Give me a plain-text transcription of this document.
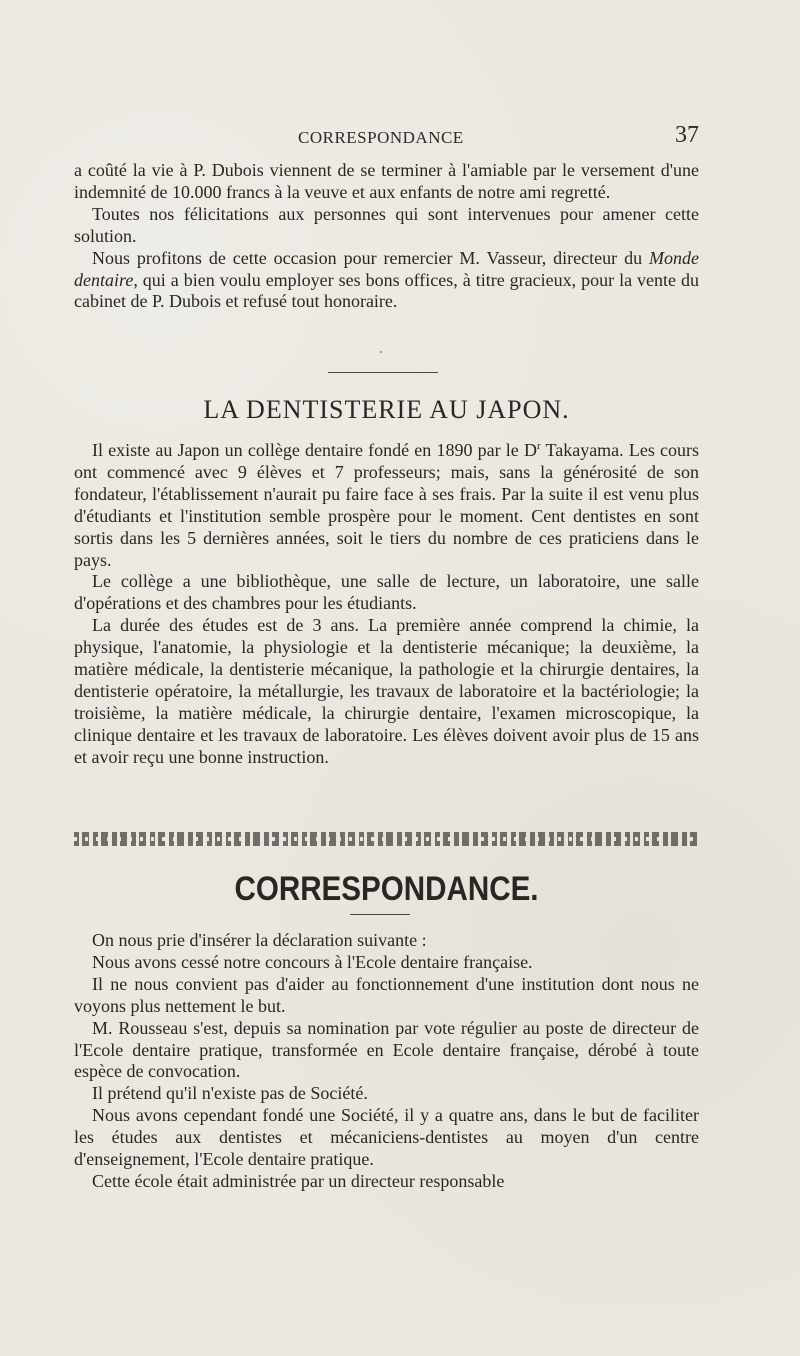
CORRESPONDANCE	37

a coûté la vie à P. Dubois viennent de se terminer à l'amiable par le versement d'une indemnité de 10.000 francs à la veuve et aux enfants de notre ami regretté.

Toutes nos félicitations aux personnes qui sont intervenues pour amener cette solution.

Nous profitons de cette occasion pour remercier M. Vasseur, directeur du Monde dentaire, qui a bien voulu employer ses bons offices, à titre gracieux, pour la vente du cabinet de P. Dubois et refusé tout honoraire.

LA DENTISTERIE AU JAPON.

Il existe au Japon un collège dentaire fondé en 1890 par le $D^r$ Takayama. Les cours ont commencé avec 9 élèves et 7 professeurs; mais, sans la générosité de son fondateur, l'établissement n'aurait pu faire face à ses frais. Par la suite il est venu plus d'étudiants et l'institution semble prospère pour le moment. Cent dentistes en sont sortis dans les 5 dernières années, soit le tiers du nombre de ces praticiens dans le pays.

Le collège a une bibliothèque, une salle de lecture, un laboratoire, une salle d'opérations et des chambres pour les étudiants.

La durée des études est de 3 ans. La première année comprend la chimie, la physique, l'anatomie, la physiologie et la dentisterie mécanique; la deuxième, la matière médicale, la dentisterie mécanique, la pathologie et la chirurgie dentaires, la dentisterie opératoire, la métallurgie, les travaux de laboratoire et la bactériologie; la troisième, la matière médicale, la chirurgie dentaire, l'examen microscopique, la clinique dentaire et les travaux de laboratoire. Les élèves doivent avoir plus de 15 ans et avoir reçu une bonne instruction.

CORRESPONDANCE.

On nous prie d'insérer la déclaration suivante :

Nous avons cessé notre concours à l'Ecole dentaire française.

Il ne nous convient pas d'aider au fonctionnement d'une institution dont nous ne voyons plus nettement le but.

M. Rousseau s'est, depuis sa nomination par vote régulier au poste de directeur de l'Ecole dentaire pratique, transformée en Ecole dentaire française, dérobé à toute espèce de convocation.

Il prétend qu'il n'existe pas de Société.

Nous avons cependant fondé une Société, il y a quatre ans, dans le but de faciliter les études aux dentistes et mécaniciens-dentistes au moyen d'un centre d'enseignement, l'Ecole dentaire pratique.

Cette école était administrée par un directeur responsable
